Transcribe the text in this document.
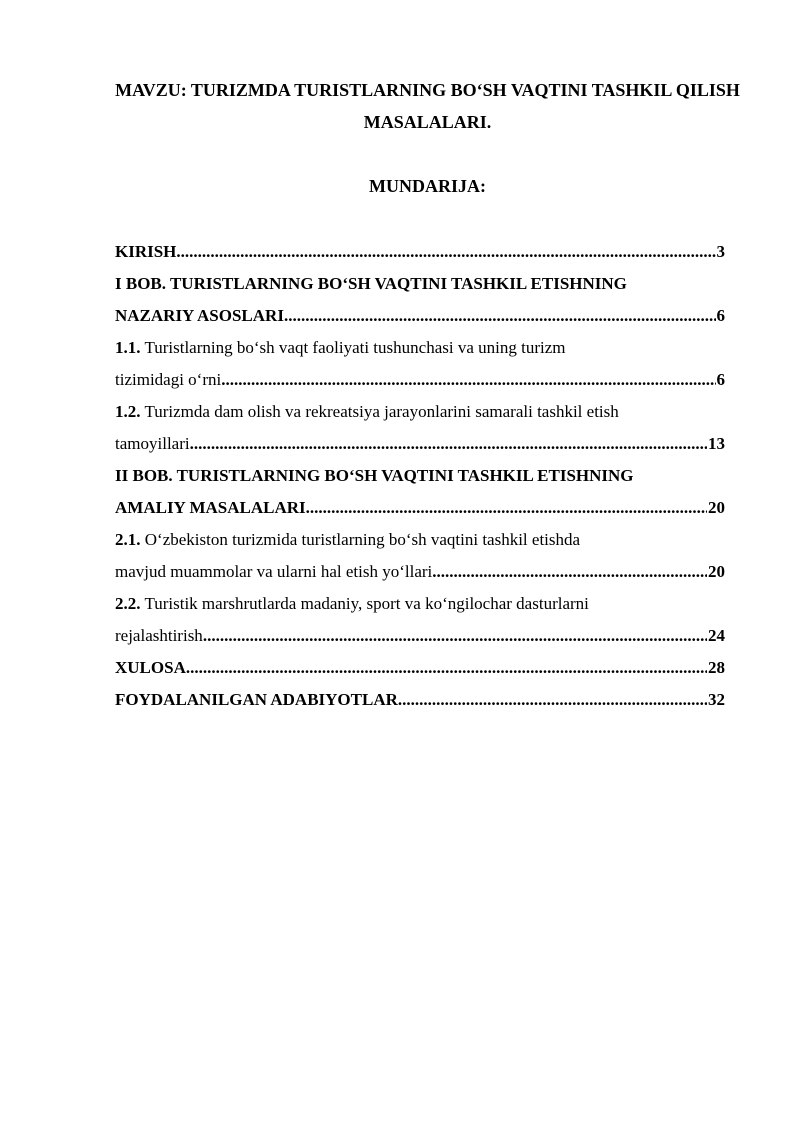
MAVZU: TURIZMDA TURISTLARNING BO‘SH VAQTINI TASHKIL QILISH MASALALARI.
MUNDARIJA:
KIRISH .....	3
I BOB. TURISTLARNING BO‘SH VAQTINI TASHKIL ETISHNING
NAZARIY ASOSLARI .....	6
1.1. Turistlarning bo‘sh vaqt faoliyati tushunchasi va uning turizm
tizimidagi o‘rni .....	6
1.2. Turizmda dam olish va rekreatsiya jarayonlarini samarali tashkil etish
tamoyillari .....	13
II BOB. TURISTLARNING BO‘SH VAQTINI TASHKIL ETISHNING
AMALIY MASALALARI .....	20
2.1. O‘zbekiston turizmida turistlarning bo‘sh vaqtini tashkil etishda
mavjud muammolar va ularni hal etish yo‘llari .....	20
2.2. Turistik marshrutlarda madaniy, sport va ko‘ngilochar dasturlarni
rejalashtirish .....	24
XULOSA .....	28
FOYDALANILGAN ADABIYOTLAR .....	32
